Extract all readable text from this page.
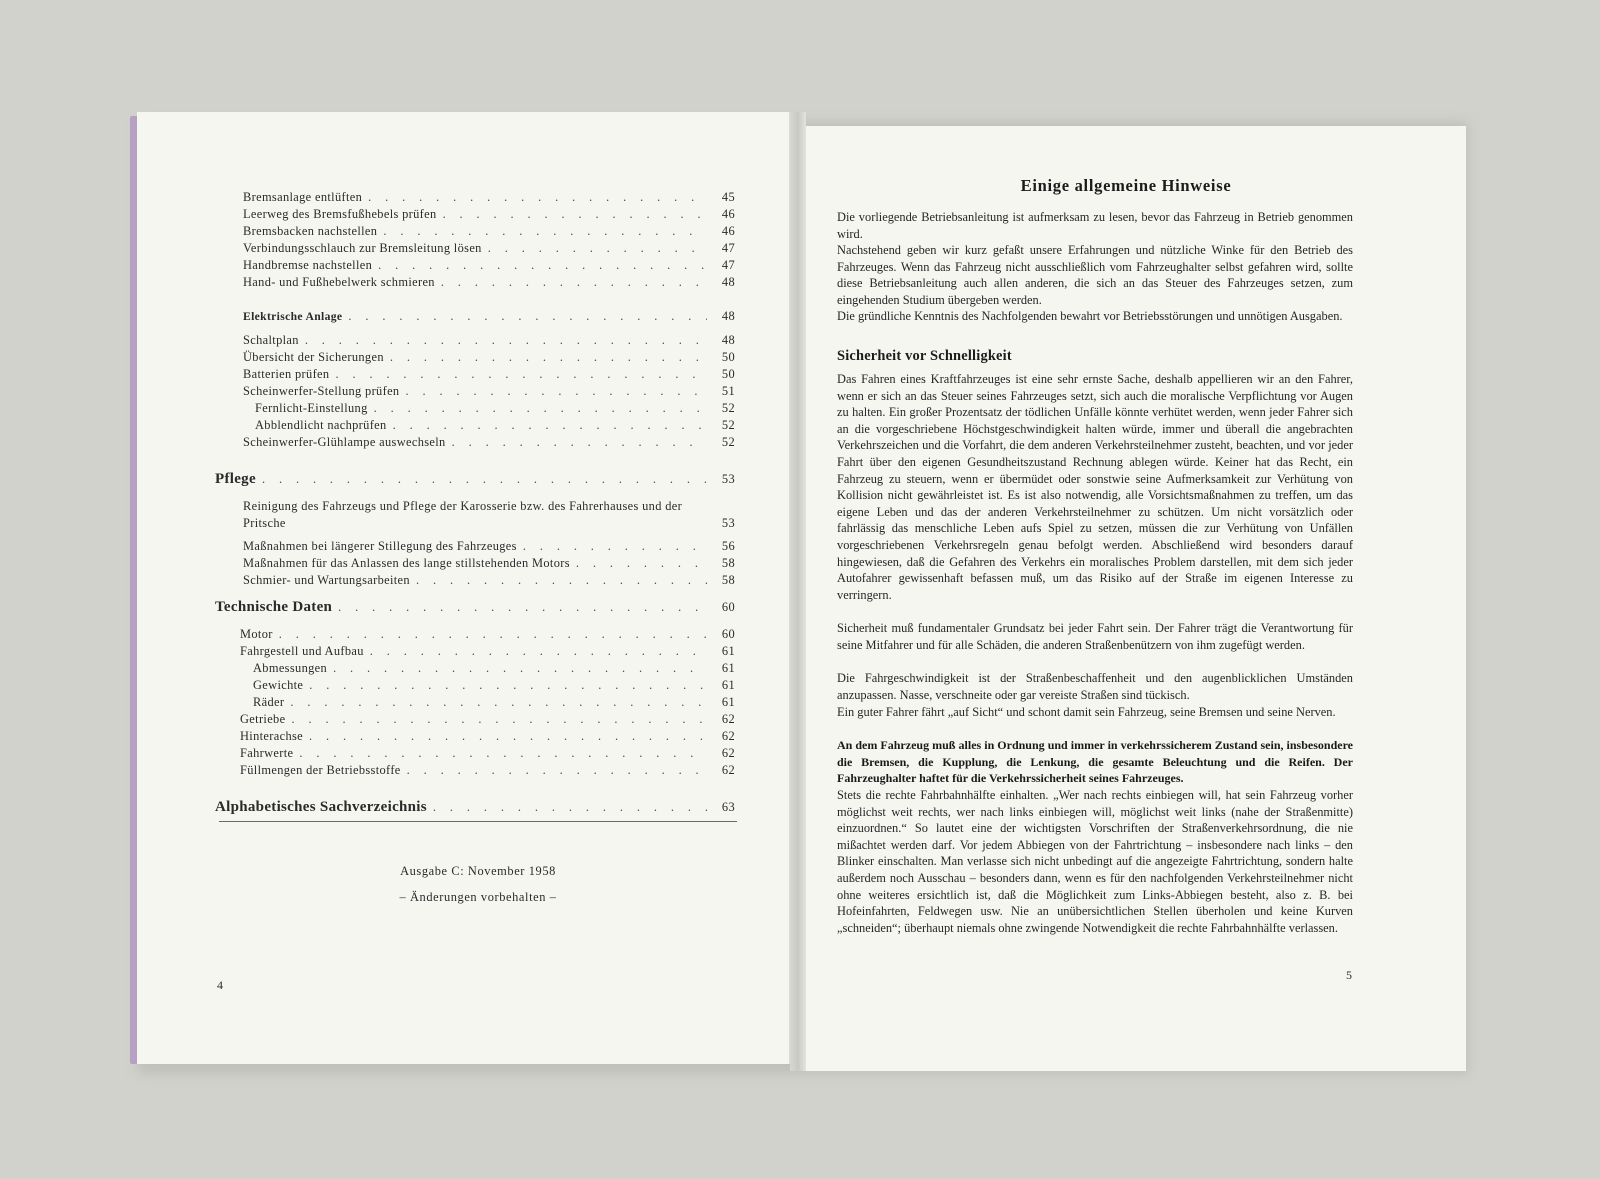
Bremsanlage entlüften . . .	45
Leerweg des Bremsfußhebels prüfen . . .	46
Bremsbacken nachstellen . . .	46
Verbindungsschlauch zur Bremsleitung lösen . . .	47
Handbremse nachstellen . . .	47
Hand- und Fußhebelwerk schmieren . . .	48
Elektrische Anlage . . .	48
Schaltplan . . .	48
Übersicht der Sicherungen . . .	50
Batterien prüfen . . .	50
Scheinwerfer-Stellung prüfen . . .	51
Fernlicht-Einstellung . . .	52
Abblendlicht nachprüfen . . .	52
Scheinwerfer-Glühlampe auswechseln . . .	52
Pflege . . .	53
Reinigung des Fahrzeugs und Pflege der Karosserie bzw. des Fahrerhauses und der Pritsche	53
Maßnahmen bei längerer Stillegung des Fahrzeuges . . .	56
Maßnahmen für das Anlassen des lange stillstehenden Motors . . .	58
Schmier- und Wartungsarbeiten . . .	58
Technische Daten . . .	60
Motor . . .	60
Fahrgestell und Aufbau . . .	61
Abmessungen . . .	61
Gewichte . . .	61
Räder . . .	61
Getriebe . . .	62
Hinterachse . . .	62
Fahrwerte . . .	62
Füllmengen der Betriebsstoffe . . .	62
Alphabetisches Sachverzeichnis . . .	63
Ausgabe C: November 1958
– Änderungen vorbehalten –
4
Einige allgemeine Hinweise
Die vorliegende Betriebsanleitung ist aufmerksam zu lesen, bevor das Fahrzeug in Betrieb genommen wird.
Nachstehend geben wir kurz gefaßt unsere Erfahrungen und nützliche Winke für den Betrieb des Fahrzeuges. Wenn das Fahrzeug nicht ausschließlich vom Fahrzeughalter selbst gefahren wird, sollte diese Betriebsanleitung auch allen anderen, die sich an das Steuer des Fahrzeuges setzen, zum eingehenden Studium übergeben werden.
Die gründliche Kenntnis des Nachfolgenden bewahrt vor Betriebsstörungen und unnötigen Ausgaben.
Sicherheit vor Schnelligkeit
Das Fahren eines Kraftfahrzeuges ist eine sehr ernste Sache, deshalb appellieren wir an den Fahrer, wenn er sich an das Steuer seines Fahrzeuges setzt, sich auch die moralische Verpflichtung vor Augen zu halten. Ein großer Prozentsatz der tödlichen Unfälle könnte verhütet werden, wenn jeder Fahrer sich an die vorgeschriebene Höchstgeschwindigkeit halten würde, immer und überall die angebrachten Verkehrszeichen und die Vorfahrt, die dem anderen Verkehrsteilnehmer zusteht, beachten, und vor jeder Fahrt über den eigenen Gesundheitszustand Rechnung ablegen würde. Keiner hat das Recht, ein Fahrzeug zu steuern, wenn er übermüdet oder sonstwie seine Aufmerksamkeit zur Verhütung von Kollision nicht gewährleistet ist. Es ist also notwendig, alle Vorsichtsmaßnahmen zu treffen, um das eigene Leben und das der anderen Verkehrsteilnehmer zu schützen. Um nicht vorsätzlich oder fahrlässig das menschliche Leben aufs Spiel zu setzen, müssen die zur Verhütung von Unfällen vorgeschriebenen Verkehrsregeln genau befolgt werden. Abschließend wird besonders darauf hingewiesen, daß die Gefahren des Verkehrs ein moralisches Problem darstellen, mit dem sich jeder Autofahrer gewissenhaft befassen muß, um das Risiko auf der Straße im eigenen Interesse zu verringern.
Sicherheit muß fundamentaler Grundsatz bei jeder Fahrt sein. Der Fahrer trägt die Verantwortung für seine Mitfahrer und für alle Schäden, die anderen Straßenbenützern von ihm zugefügt werden.
Die Fahrgeschwindigkeit ist der Straßenbeschaffenheit und den augenblicklichen Umständen anzupassen. Nasse, verschneite oder gar vereiste Straßen sind tückisch.
Ein guter Fahrer fährt „auf Sicht“ und schont damit sein Fahrzeug, seine Bremsen und seine Nerven.
An dem Fahrzeug muß alles in Ordnung und immer in verkehrssicherem Zustand sein, insbesondere die Bremsen, die Kupplung, die Lenkung, die gesamte Beleuchtung und die Reifen. Der Fahrzeughalter haftet für die Verkehrssicherheit seines Fahrzeuges.
Stets die rechte Fahrbahnhälfte einhalten. „Wer nach rechts einbiegen will, hat sein Fahrzeug vorher möglichst weit rechts, wer nach links einbiegen will, möglichst weit links (nahe der Straßenmitte) einzuordnen.“ So lautet eine der wichtigsten Vorschriften der Straßenverkehrsordnung, die nie mißachtet werden darf. Vor jedem Abbiegen von der Fahrtrichtung – insbesondere nach links – den Blinker einschalten. Man verlasse sich nicht unbedingt auf die angezeigte Fahrtrichtung, sondern halte außerdem noch Ausschau – besonders dann, wenn es für den nachfolgenden Verkehrsteilnehmer nicht ohne weiteres ersichtlich ist, daß die Möglichkeit zum Links-Abbiegen besteht, also z. B. bei Hofeinfahrten, Feldwegen usw. Nie an unübersichtlichen Stellen überholen und keine Kurven „schneiden“; überhaupt niemals ohne zwingende Notwendigkeit die rechte Fahrbahnhälfte verlassen.
5
